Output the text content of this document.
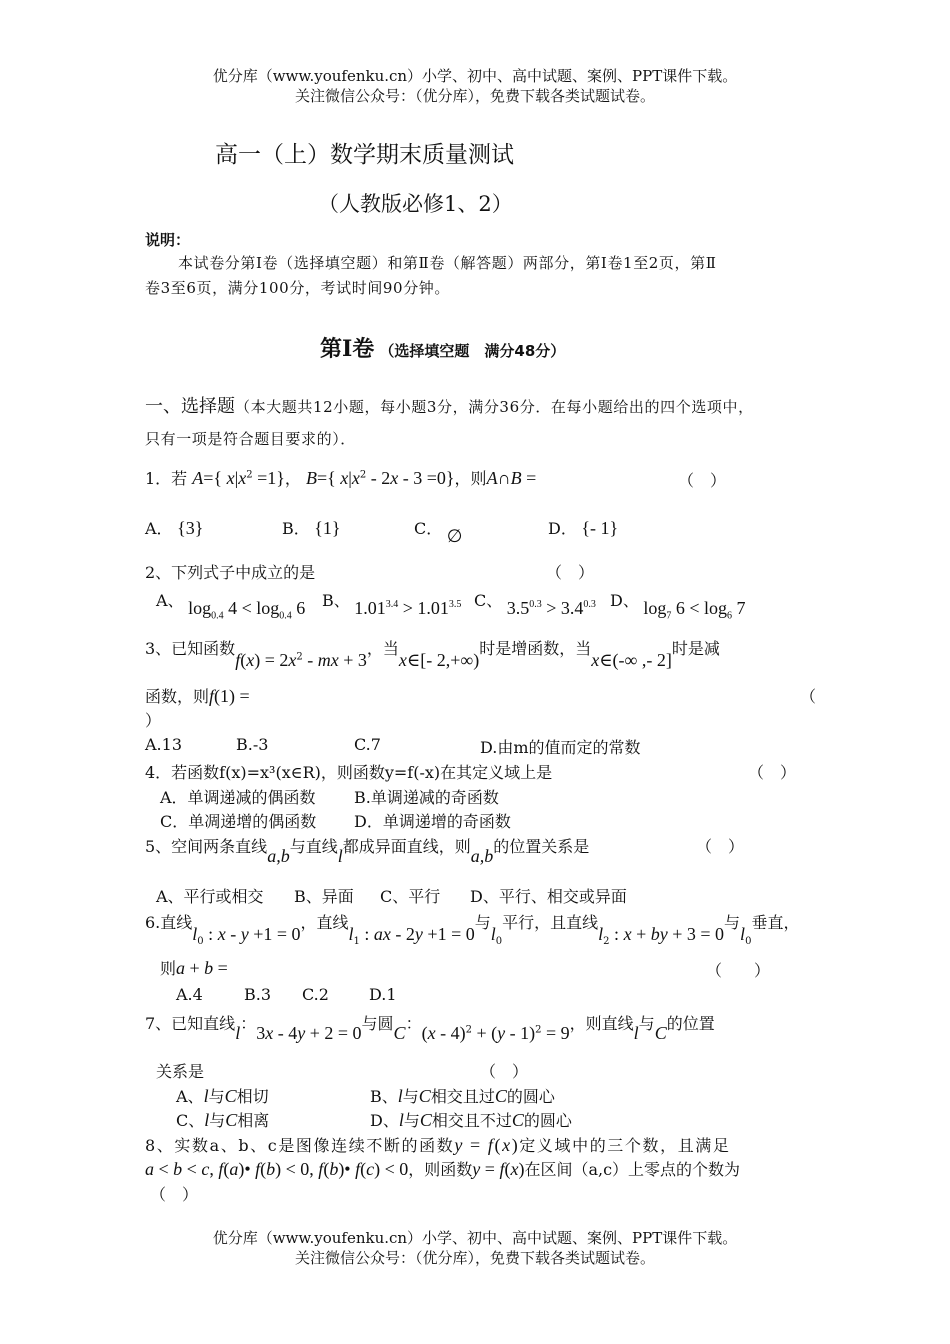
优分库（www.youfenku.cn）小学、初中、高中试题、案例、PPT课件下载。
关注微信公众号：（优分库），免费下载各类试题试卷。
高一（上）数学期末质量测试
（人教版必修1、2）
说明：
本试卷分第Ⅰ卷（选择填空题）和第Ⅱ卷（解答题）两部分，第Ⅰ卷1至2页，第Ⅱ
卷3至6页，满分100分，考试时间90分钟。
第Ⅰ卷 （选择填空题　满分48分）
一、选择题（本大题共12小题，每小题3分，满分36分．在每小题给出的四个选项中，
只有一项是符合题目要求的）．
1．若 A={ $x|x^2 =1$}， B={ $x|x^2 - 2x - 3 =0$}，则A∩B =	（　）
A． {3}	B． {1}	C． ∅	D． {- 1}
2、下列式子中成立的是	（　）
A、 $\log_{0.4} 4 < \log_{0.4} 6$ B、 $1.01^{3.4} > 1.01^{3.5}$ C、 $3.5^{0.3} > 3.4^{0.3}$ D、 $\log_7 6 < \log_6 7$
3、已知函数$f(x) = 2x^2$ - mx + 3，当x∈[- 2,+∞)时是增函数，当x∈(-∞ ,- 2]时是减
函数，则f(1) =	（
）
A.13	B.-3	C.7	D.由m的值而定的常数
4．若函数f(x)=x³(x∈R)，则函数y=f(-x)在其定义域上是	（　）
A．单调递减的偶函数 B.单调递减的奇函数
C．单凋递增的偶函数 D．单调递增的奇函数
5、空间两条直线a,b与直线l都成异面直线，则a,b的位置关系是	（　）
A、平行或相交 B、异面 C、平行 D、平行、相交或异面
6.直线$l_0$ : x - y +1 = 0，直线$l_1$ : ax - 2y +1 = 0与$l_0$平行，且直线$l_2$ : x + by + 3 = 0与$l_0$垂直，
则a + b =	（　　）
A.4	B.3 C.2	D.1
7、已知直线l：3x - 4y + 2 = 0与圆C：(x - 4)$^2$ + (y - 1)$^2$ = 9，则直线l与C的位置
关系是	（　）
A、l与C相切	B、l与C相交且过C的圆心
C、l与C相离	D、l与C相交且不过C的圆心
8、实数a、b、c是图像连续不断的函数y = f(x)定义域中的三个数，且满足
a < b < c, f(a)• f(b) < 0, f(b)• f(c) < 0，则函数y = f(x)在区间（a,c）上零点的个数为
（　）
优分库（www.youfenku.cn）小学、初中、高中试题、案例、PPT课件下载。
关注微信公众号：（优分库），免费下载各类试题试卷。
